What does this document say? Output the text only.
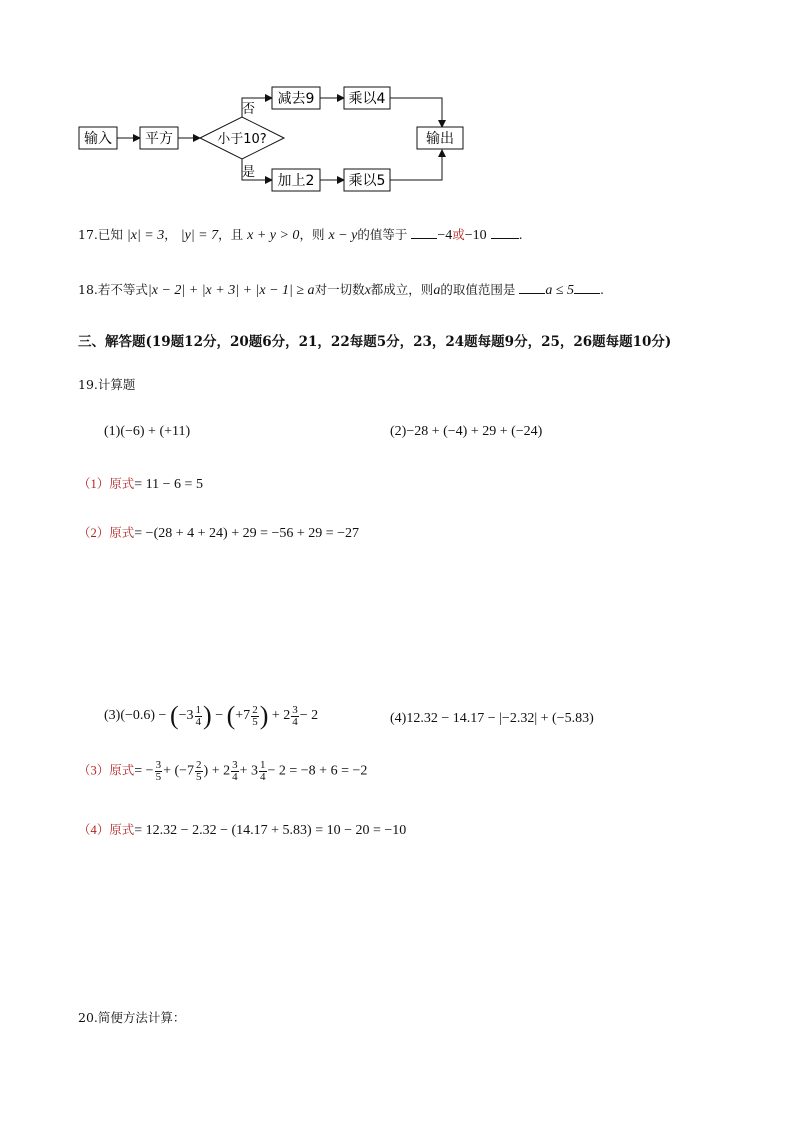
输入 平方	小于10?
否
减去9 乘以4
是
加上2 乘以5
输出
17.已知 |x| = 3， |y| = 7，且 x + y > 0，则 x − y的值等于 −4或−10	.
18.若不等式|x − 2| + |x + 3| + |x − 1| ≥ a对一切数x都成立，则a的取值范围是 a ≤ 5 .
三、解答题(19题12分，20题6分，21，22每题5分，23，24题每题9分，25，26题每题10分)
19.计算题
(1)(−6) + (+11)	(2)−28 + (−4) + 29 + (−24)
（1）原式= 11 − 6 = 5
（2）原式= −(28 + 4 + 24) + 29 = −56 + 29 = −27
$(3)(-0.6) - (-3 \frac{1}{4}$ ) − ($+7 \frac{2}{5}$ ) + $2 \frac{3}{4} - 2$	(4)12.32 − 14.17 − |−2.32| + (−5.83)
（3）原式= − $\frac{3}{5} + (-7 \frac{2}{5}$ ) + $2 \frac{3}{4} + 3 \frac{1}{4} - 2 = -8 + 6 = -2$
（4）原式= 12.32 − 2.32 − (14.17 + 5.83) = 10 − 20 = −10
20.简便方法计算：
